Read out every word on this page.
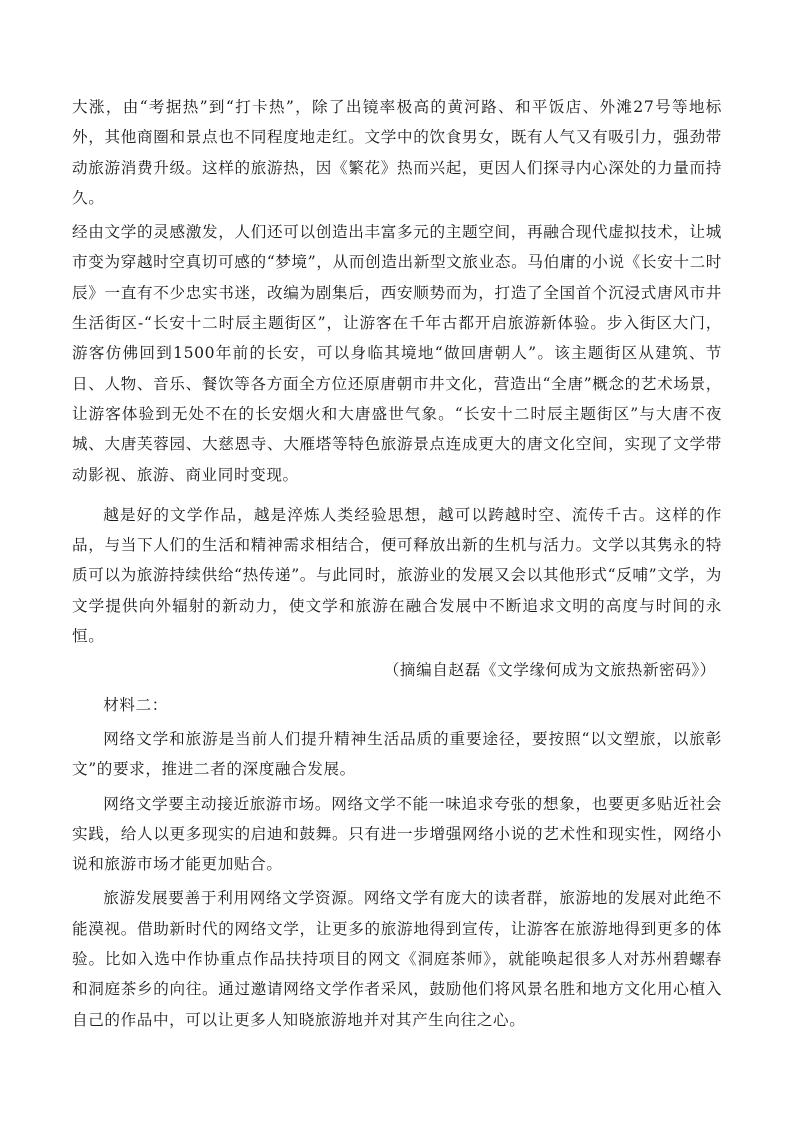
大涨，由“考据热”到“打卡热”，除了出镜率极高的黄河路、和平饭店、外滩27号等地标外，其他商圈和景点也不同程度地走红。文学中的饮食男女，既有人气又有吸引力，强劲带动旅游消费升级。这样的旅游热，因《繁花》热而兴起，更因人们探寻内心深处的力量而持久。

经由文学的灵感激发，人们还可以创造出丰富多元的主题空间，再融合现代虚拟技术，让城市变为穿越时空真切可感的“梦境”，从而创造出新型文旅业态。马伯庸的小说《长安十二时辰》一直有不少忠实书迷，改编为剧集后，西安顺势而为，打造了全国首个沉浸式唐风市井生活街区-“长安十二时辰主题街区”，让游客在千年古都开启旅游新体验。步入街区大门，游客仿佛回到1500年前的长安，可以身临其境地“做回唐朝人”。该主题街区从建筑、节日、人物、音乐、餐饮等各方面全方位还原唐朝市井文化，营造出“全唐”概念的艺术场景，让游客体验到无处不在的长安烟火和大唐盛世气象。“长安十二时辰主题街区”与大唐不夜城、大唐芙蓉园、大慈恩寺、大雁塔等特色旅游景点连成更大的唐文化空间，实现了文学带动影视、旅游、商业同时变现。

越是好的文学作品，越是淬炼人类经验思想，越可以跨越时空、流传千古。这样的作品，与当下人们的生活和精神需求相结合，便可释放出新的生机与活力。文学以其隽永的特质可以为旅游持续供给“热传递”。与此同时，旅游业的发展又会以其他形式“反哺”文学，为文学提供向外辐射的新动力，使文学和旅游在融合发展中不断追求文明的高度与时间的永恒。

（摘编自赵磊《文学缘何成为文旅热新密码》）

材料二：

网络文学和旅游是当前人们提升精神生活品质的重要途径，要按照“以文塑旅，以旅彰文”的要求，推进二者的深度融合发展。

网络文学要主动接近旅游市场。网络文学不能一味追求夸张的想象，也要更多贴近社会实践，给人以更多现实的启迪和鼓舞。只有进一步增强网络小说的艺术性和现实性，网络小说和旅游市场才能更加贴合。

旅游发展要善于利用网络文学资源。网络文学有庞大的读者群，旅游地的发展对此绝不能漠视。借助新时代的网络文学，让更多的旅游地得到宣传，让游客在旅游地得到更多的体验。比如入选中作协重点作品扶持项目的网文《洞庭茶师》，就能唤起很多人对苏州碧螺春和洞庭茶乡的向往。通过邀请网络文学作者采风，鼓励他们将风景名胜和地方文化用心植入自己的作品中，可以让更多人知晓旅游地并对其产生向往之心。
